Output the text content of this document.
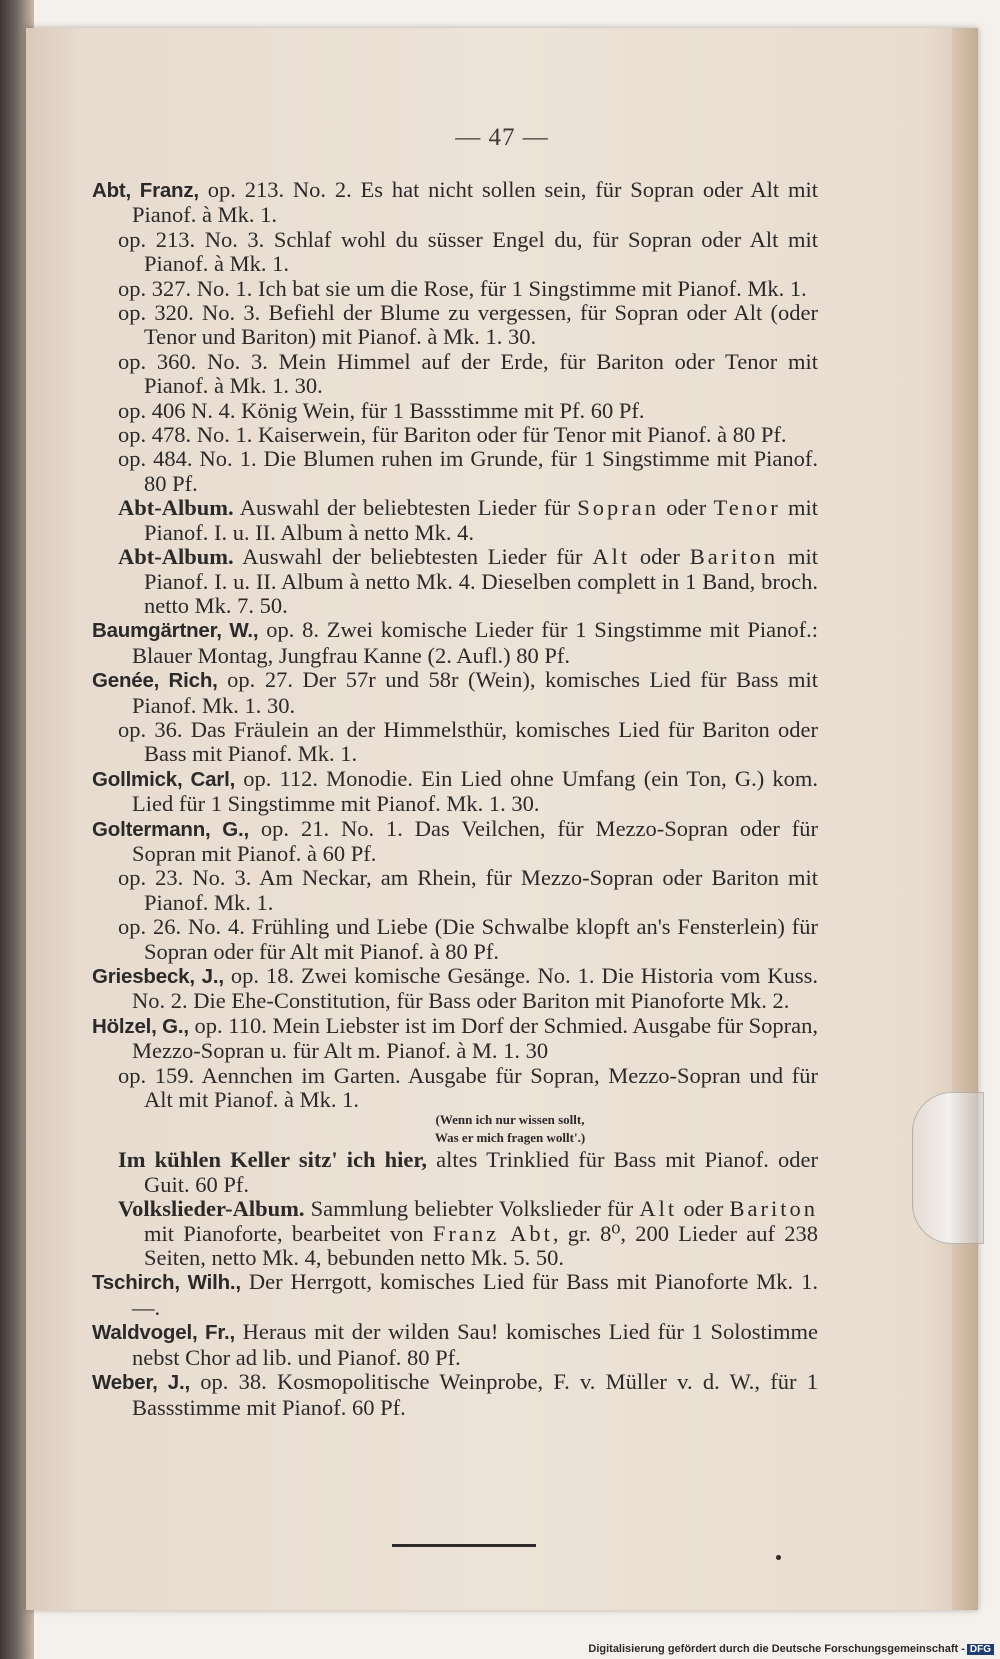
— 47 —

Abt, Franz, op. 213. No. 2. Es hat nicht sollen sein, für Sopran oder Alt mit Pianof. à Mk. 1.

op. 213. No. 3. Schlaf wohl du süsser Engel du, für Sopran oder Alt mit Pianof. à Mk. 1.

op. 327. No. 1. Ich bat sie um die Rose, für 1 Singstimme mit Pianof. Mk. 1.

op. 320. No. 3. Befiehl der Blume zu vergessen, für Sopran oder Alt (oder Tenor und Bariton) mit Pianof. à Mk. 1. 30.

op. 360. No. 3. Mein Himmel auf der Erde, für Bariton oder Tenor mit Pianof. à Mk. 1. 30.

op. 406 N. 4. König Wein, für 1 Bassstimme mit Pf. 60 Pf.

op. 478. No. 1. Kaiserwein, für Bariton oder für Tenor mit Pianof. à 80 Pf.

op. 484. No. 1. Die Blumen ruhen im Grunde, für 1 Singstimme mit Pianof. 80 Pf.

Abt-Album. Auswahl der beliebtesten Lieder für Sopran oder Tenor mit Pianof. I. u. II. Album à netto Mk. 4.

Abt-Album. Auswahl der beliebtesten Lieder für Alt oder Bariton mit Pianof. I. u. II. Album à netto Mk. 4. Dieselben complett in 1 Band, broch. netto Mk. 7. 50.

Baumgärtner, W., op. 8. Zwei komische Lieder für 1 Singstimme mit Pianof.: Blauer Montag, Jungfrau Kanne (2. Aufl.) 80 Pf.

Genée, Rich, op. 27. Der 57r und 58r (Wein), komisches Lied für Bass mit Pianof. Mk. 1. 30.

op. 36. Das Fräulein an der Himmelsthür, komisches Lied für Bariton oder Bass mit Pianof. Mk. 1.

Gollmick, Carl, op. 112. Monodie. Ein Lied ohne Umfang (ein Ton, G.) kom. Lied für 1 Singstimme mit Pianof. Mk. 1. 30.

Goltermann, G., op. 21. No. 1. Das Veilchen, für Mezzo-Sopran oder für Sopran mit Pianof. à 60 Pf.

op. 23. No. 3. Am Neckar, am Rhein, für Mezzo-Sopran oder Bariton mit Pianof. Mk. 1.

op. 26. No. 4. Frühling und Liebe (Die Schwalbe klopft an's Fensterlein) für Sopran oder für Alt mit Pianof. à 80 Pf.

Griesbeck, J., op. 18. Zwei komische Gesänge. No. 1. Die Historia vom Kuss. No. 2. Die Ehe-Constitution, für Bass oder Bariton mit Pianoforte Mk. 2.

Hölzel, G., op. 110. Mein Liebster ist im Dorf der Schmied. Ausgabe für Sopran, Mezzo-Sopran u. für Alt m. Pianof. à M. 1. 30

op. 159. Aennchen im Garten. Ausgabe für Sopran, Mezzo-Sopran und für Alt mit Pianof. à Mk. 1.

(Wenn ich nur wissen sollt,

Was er mich fragen wollt'.)

Im kühlen Keller sitz' ich hier, altes Trinklied für Bass mit Pianof. oder Guit. 60 Pf.

Volkslieder-Album. Sammlung beliebter Volkslieder für Alt oder Bariton mit Pianoforte, bearbeitet von Franz Abt, gr. 8⁰, 200 Lieder auf 238 Seiten, netto Mk. 4, bebunden netto Mk. 5. 50.

Tschirch, Wilh., Der Herrgott, komisches Lied für Bass mit Pianoforte Mk. 1. —.

Waldvogel, Fr., Heraus mit der wilden Sau! komisches Lied für 1 Solostimme nebst Chor ad lib. und Pianof. 80 Pf.

Weber, J., op. 38. Kosmopolitische Weinprobe, F. v. Müller v. d. W., für 1 Bassstimme mit Pianof. 60 Pf.

Digitalisierung gefördert durch die Deutsche Forschungsgemeinschaft - DFG
